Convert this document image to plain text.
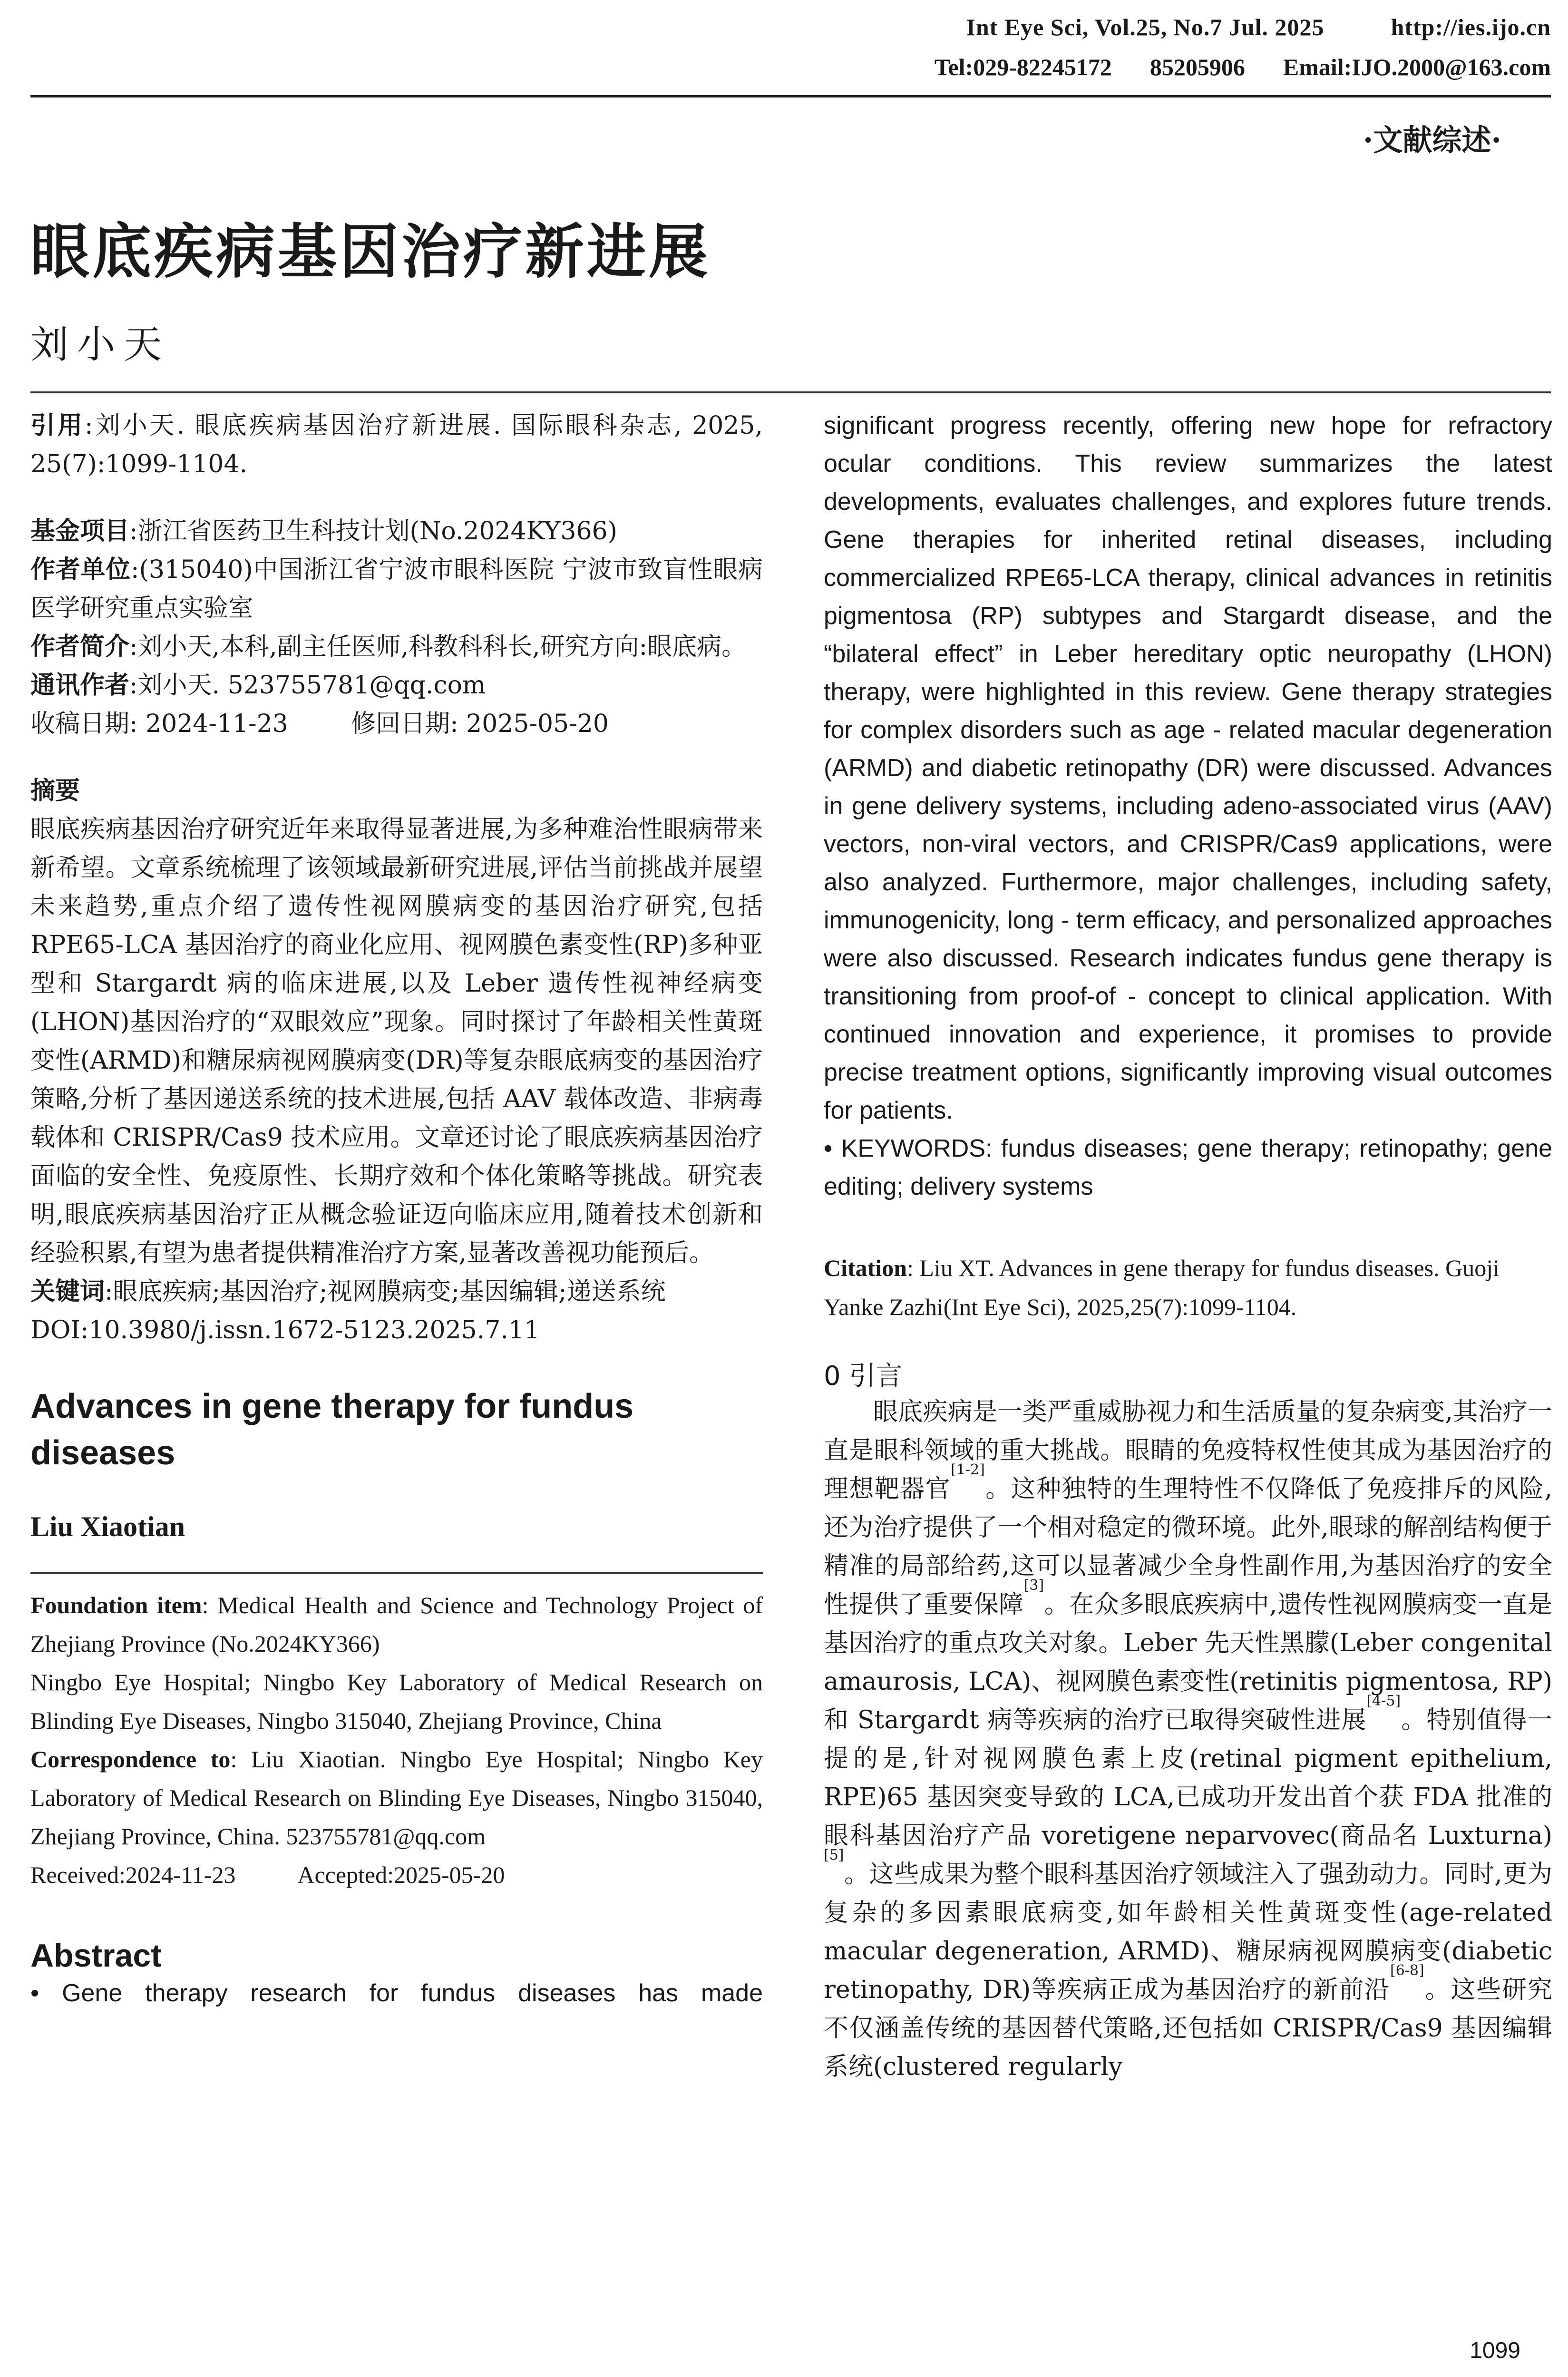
Int Eye Sci, Vol.25, No.7 Jul. 2025	http://ies.ijo.cn
Tel:029-82245172 85205906 Email:IJO.2000@163.com
·文献综述·
眼底疾病基因治疗新进展
刘小天
引用:刘小天. 眼底疾病基因治疗新进展. 国际眼科杂志, 2025, 25(7):1099-1104.
基金项目:浙江省医药卫生科技计划(No.2024KY366)
作者单位:(315040)中国浙江省宁波市眼科医院 宁波市致盲性眼病医学研究重点实验室
作者简介:刘小天,本科,副主任医师,科教科科长,研究方向:眼底病。
通讯作者:刘小天. 523755781@qq.com
收稿日期: 2024-11-23        修回日期: 2025-05-20
摘要
眼底疾病基因治疗研究近年来取得显著进展,为多种难治性眼病带来新希望。文章系统梳理了该领域最新研究进展,评估当前挑战并展望未来趋势,重点介绍了遗传性视网膜病变的基因治疗研究,包括 RPE65-LCA 基因治疗的商业化应用、视网膜色素变性(RP)多种亚型和 Stargardt 病的临床进展,以及 Leber 遗传性视神经病变(LHON)基因治疗的“双眼效应”现象。同时探讨了年龄相关性黄斑变性(ARMD)和糖尿病视网膜病变(DR)等复杂眼底病变的基因治疗策略,分析了基因递送系统的技术进展,包括 AAV 载体改造、非病毒载体和 CRISPR/Cas9 技术应用。文章还讨论了眼底疾病基因治疗面临的安全性、免疫原性、长期疗效和个体化策略等挑战。研究表明,眼底疾病基因治疗正从概念验证迈向临床应用,随着技术创新和经验积累,有望为患者提供精准治疗方案,显著改善视功能预后。
关键词:眼底疾病;基因治疗;视网膜病变;基因编辑;递送系统
DOI:10.3980/j.issn.1672-5123.2025.7.11
Advances in gene therapy for fundus diseases
Liu Xiaotian
Foundation item: Medical Health and Science and Technology Project of Zhejiang Province (No.2024KY366)
Ningbo Eye Hospital; Ningbo Key Laboratory of Medical Research on Blinding Eye Diseases, Ningbo 315040, Zhejiang Province, China
Correspondence to: Liu Xiaotian. Ningbo Eye Hospital; Ningbo Key Laboratory of Medical Research on Blinding Eye Diseases, Ningbo 315040, Zhejiang Province, China. 523755781@qq.com
Received:2024-11-23	Accepted:2025-05-20
Abstract
• Gene therapy research for fundus diseases has made
significant progress recently, offering new hope for refractory ocular conditions. This review summarizes the latest developments, evaluates challenges, and explores future trends. Gene therapies for inherited retinal diseases, including commercialized RPE65-LCA therapy, clinical advances in retinitis pigmentosa (RP) subtypes and Stargardt disease, and the “bilateral effect” in Leber hereditary optic neuropathy (LHON) therapy, were highlighted in this review. Gene therapy strategies for complex disorders such as age - related macular degeneration (ARMD) and diabetic retinopathy (DR) were discussed. Advances in gene delivery systems, including adeno-associated virus (AAV) vectors, non-viral vectors, and CRISPR/Cas9 applications, were also analyzed. Furthermore, major challenges, including safety, immunogenicity, long - term efficacy, and personalized approaches were also discussed. Research indicates fundus gene therapy is transitioning from proof-of - concept to clinical application. With continued innovation and experience, it promises to provide precise treatment options, significantly improving visual outcomes for patients.
• KEYWORDS: fundus diseases; gene therapy; retinopathy; gene editing; delivery systems
Citation: Liu XT. Advances in gene therapy for fundus diseases. Guoji Yanke Zazhi(Int Eye Sci), 2025,25(7):1099-1104.
0 引言
眼底疾病是一类严重威胁视力和生活质量的复杂病变,其治疗一直是眼科领域的重大挑战。眼睛的免疫特权性使其成为基因治疗的理想靶器官[1-2]。这种独特的生理特性不仅降低了免疫排斥的风险,还为治疗提供了一个相对稳定的微环境。此外,眼球的解剖结构便于精准的局部给药,这可以显著减少全身性副作用,为基因治疗的安全性提供了重要保障[3]。在众多眼底疾病中,遗传性视网膜病变一直是基因治疗的重点攻关对象。Leber 先天性黑朦(Leber congenital amaurosis, LCA)、视网膜色素变性(retinitis pigmentosa, RP)和 Stargardt 病等疾病的治疗已取得突破性进展[4-5]。特别值得一提的是,针对视网膜色素上皮(retinal pigment epithelium, RPE)65 基因突变导致的 LCA,已成功开发出首个获 FDA 批准的眼科基因治疗产品 voretigene neparvovec(商品名 Luxturna)[5]。这些成果为整个眼科基因治疗领域注入了强劲动力。同时,更为复杂的多因素眼底病变,如年龄相关性黄斑变性(age-related macular degeneration, ARMD)、糖尿病视网膜病变(diabetic retinopathy, DR)等疾病正成为基因治疗的新前沿[6-8]。这些研究不仅涵盖传统的基因替代策略,还包括如 CRISPR/Cas9 基因编辑系统(clustered regularly
1099
